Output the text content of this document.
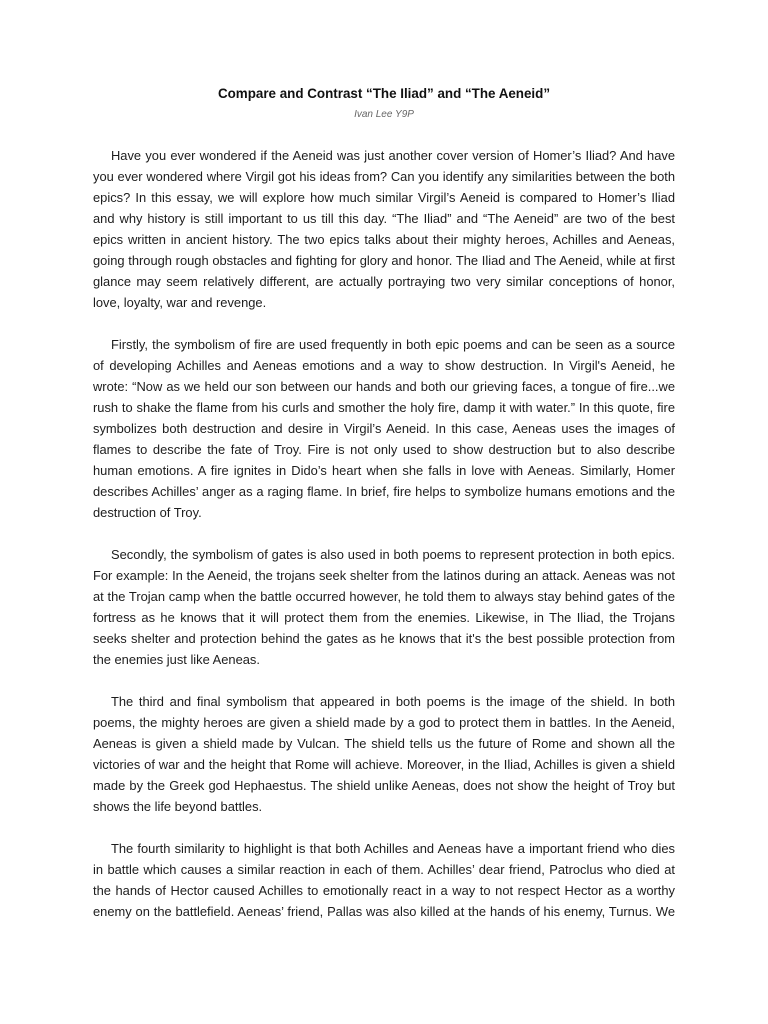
Compare and Contrast “The Iliad” and “The Aeneid”
Ivan Lee Y9P

Have you ever wondered if the Aeneid was just another cover version of Homer’s Iliad? And have
you ever wondered where Virgil got his ideas from? Can you identify any similarities between the both
epics? In this essay, we will explore how much similar Virgil’s Aeneid is compared to Homer’s Iliad
and why history is still important to us till this day. “The Iliad” and “The Aeneid” are two of the best
epics written in ancient history. The two epics talks about their mighty heroes, Achilles and Aeneas,
going through rough obstacles and fighting for glory and honor. The Iliad and The Aeneid, while at first
glance may seem relatively different, are actually portraying two very similar conceptions of honor,
love, loyalty, war and revenge.

Firstly, the symbolism of fire are used frequently in both epic poems and can be seen as a source
of developing Achilles and Aeneas emotions and a way to show destruction. In Virgil's Aeneid, he
wrote: “Now as we held our son between our hands and both our grieving faces, a tongue of fire...we
rush to shake the flame from his curls and smother the holy fire, damp it with water.” In this quote, fire
symbolizes both destruction and desire in Virgil’s Aeneid. In this case, Aeneas uses the images of
flames to describe the fate of Troy. Fire is not only used to show destruction but to also describe
human emotions. A fire ignites in Dido’s heart when she falls in love with Aeneas. Similarly, Homer
describes Achilles’ anger as a raging flame. In brief, fire helps to symbolize humans emotions and the
destruction of Troy.

Secondly, the symbolism of gates is also used in both poems to represent protection in both epics.
For example: In the Aeneid, the trojans seek shelter from the latinos during an attack. Aeneas was not
at the Trojan camp when the battle occurred however, he told them to always stay behind gates of the
fortress as he knows that it will protect them from the enemies. Likewise, in The Iliad, the Trojans
seeks shelter and protection behind the gates as he knows that it's the best possible protection from
the enemies just like Aeneas.

The third and final symbolism that appeared in both poems is the image of the shield. In both
poems, the mighty heroes are given a shield made by a god to protect them in battles. In the Aeneid,
Aeneas is given a shield made by Vulcan. The shield tells us the future of Rome and shown all the
victories of war and the height that Rome will achieve. Moreover, in the Iliad, Achilles is given a shield
made by the Greek god Hephaestus. The shield unlike Aeneas, does not show the height of Troy but
shows the life beyond battles.

The fourth similarity to highlight is that both Achilles and Aeneas have a important friend who dies
in battle which causes a similar reaction in each of them. Achilles’ dear friend, Patroclus who died at
the hands of Hector caused Achilles to emotionally react in a way to not respect Hector as a worthy
enemy on the battlefield. Aeneas’ friend, Pallas was also killed at the hands of his enemy, Turnus. We
